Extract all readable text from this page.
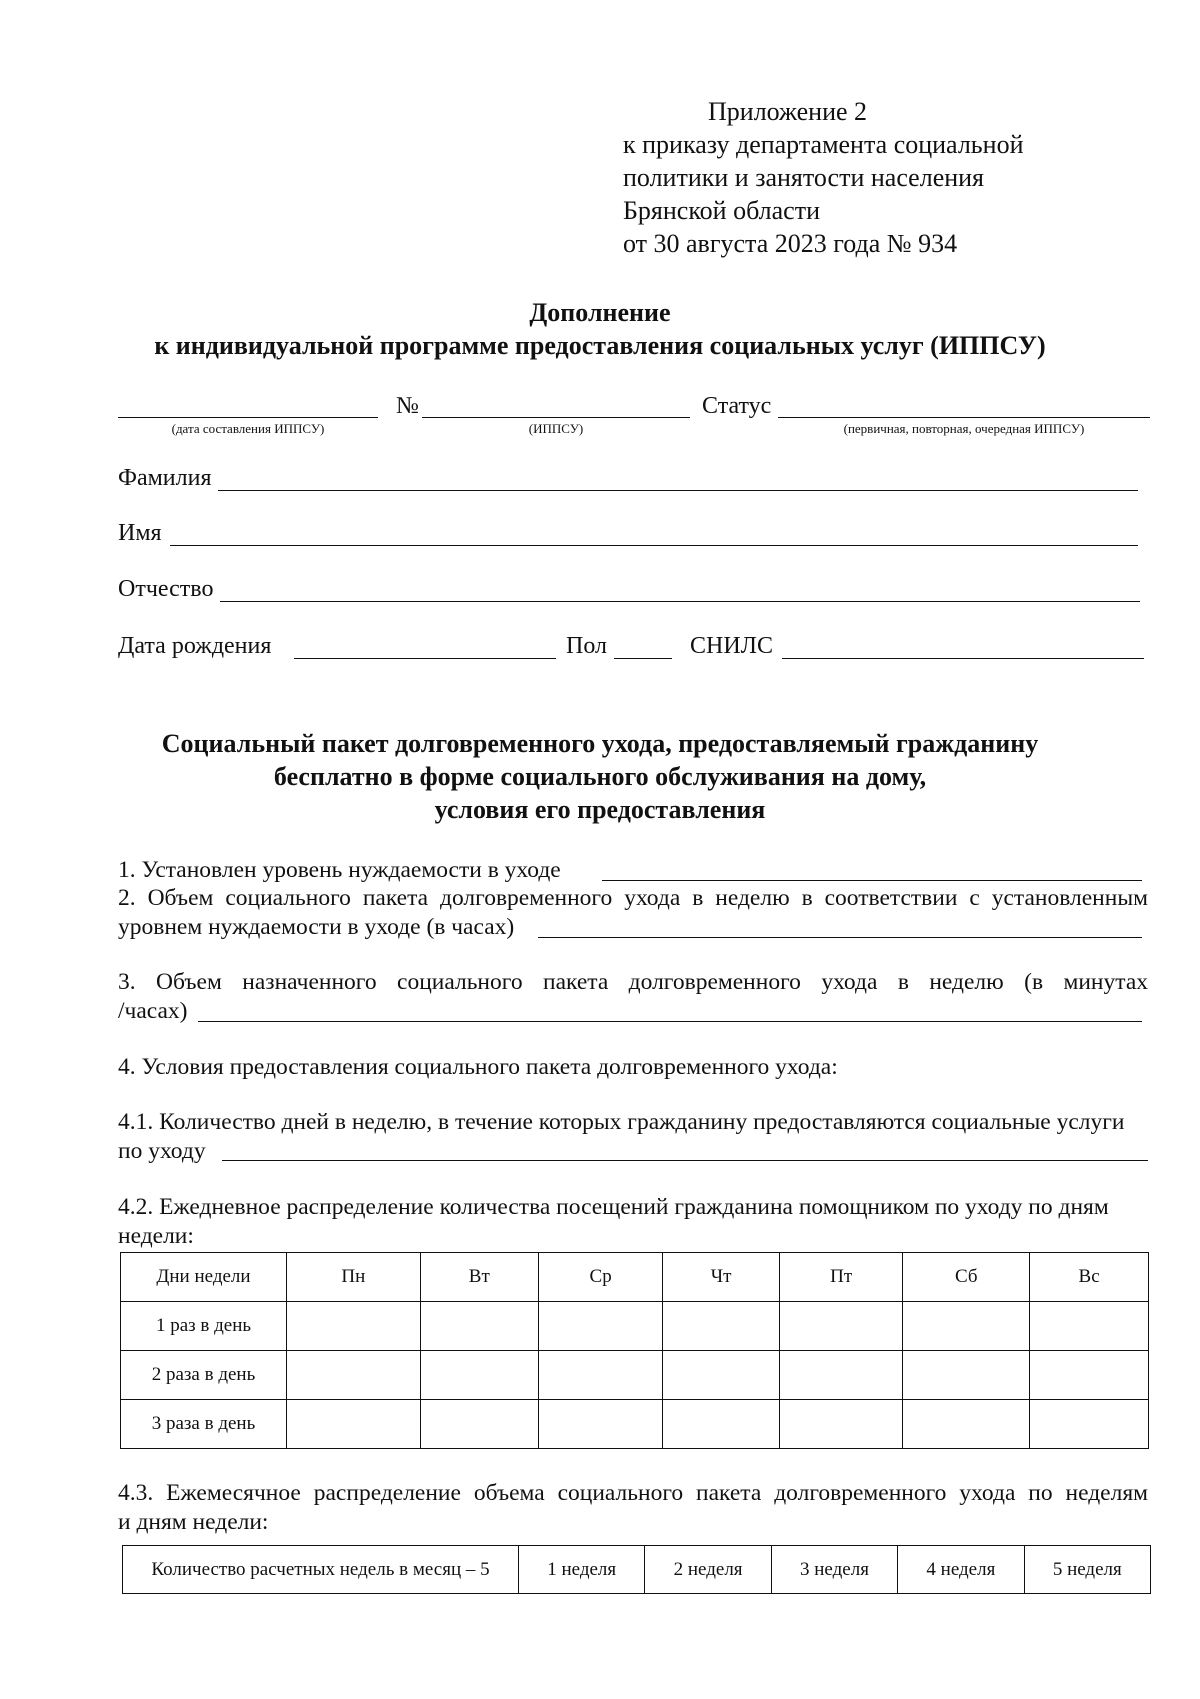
Приложение 2
к приказу департамента социальной
политики и занятости населения
Брянской области
от 30 августа 2023 года № 934
Дополнение
к индивидуальной программе предоставления социальных услуг (ИППСУ)
№	Статус
(дата составления ИППСУ)	(ИППСУ)	(первичная, повторная, очередная ИППСУ)
Фамилия
Имя
Отчество
Дата рождения	Пол	СНИЛС
Социальный пакет долговременного ухода, предоставляемый гражданину
бесплатно в форме социального обслуживания на дому,
условия его предоставления
1. Установлен уровень нуждаемости в уходе
2. Объем социального пакета долговременного ухода в неделю в соответствии с установленным
уровнем нуждаемости в уходе (в часах)
3. Объем назначенного социального пакета долговременного ухода в неделю (в минутах
/часах)
4. Условия предоставления социального пакета долговременного ухода:
4.1. Количество дней в неделю, в течение которых гражданину предоставляются социальные услуги
по уходу
4.2. Ежедневное распределение количества посещений гражданина помощником по уходу по дням
недели:
Дни недели	Пн	Вт	Ср	Чт	Пт	Сб	Вс
1 раз в день							
2 раза в день							
3 раза в день							
4.3. Ежемесячное распределение объема социального пакета долговременного ухода по неделям
и дням недели:
Количество расчетных недель в месяц – 5	1 неделя	2 неделя	3 неделя	4 неделя	5 неделя
